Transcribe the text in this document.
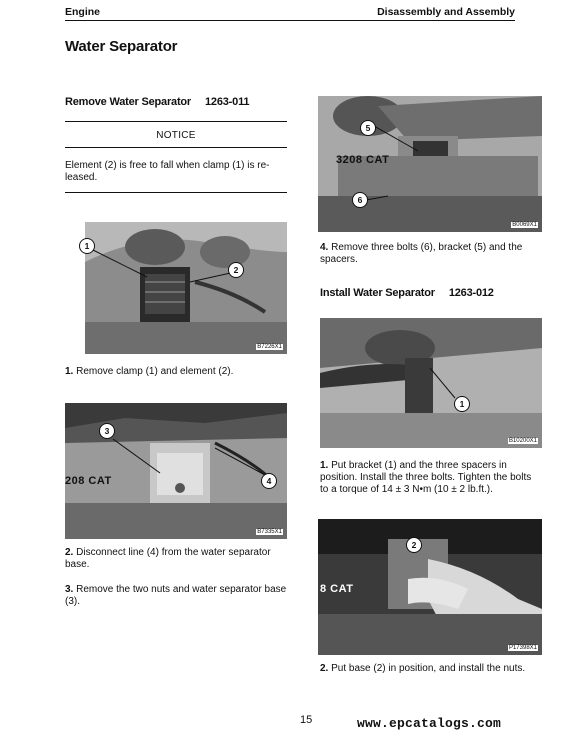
Engine	Disassembly and Assembly
Water Separator
Remove Water Separator 1263-011
NOTICE
Element (2) is free to fall when clamp (1) is re-leased.
1
2
B7226X1
1. Remove clamp (1) and element (2).
208 CAT
3
4
B7335X1
2. Disconnect line (4) from the water separator base.
3. Remove the two nuts and water separator base (3).
3208 CAT
5
6
B0069X1
4. Remove three bolts (6), bracket (5) and the spacers.
Install Water Separator 1263-012
1
B10200X1
1. Put bracket (1) and the three spacers in position. Install the three bolts. Tighten the bolts to a torque of 14 ± 3 N•m (10 ± 2 lb.ft.).
8 CAT
2
P17398X1
2. Put base (2) in position, and install the nuts.
15	www.epcatalogs.com
